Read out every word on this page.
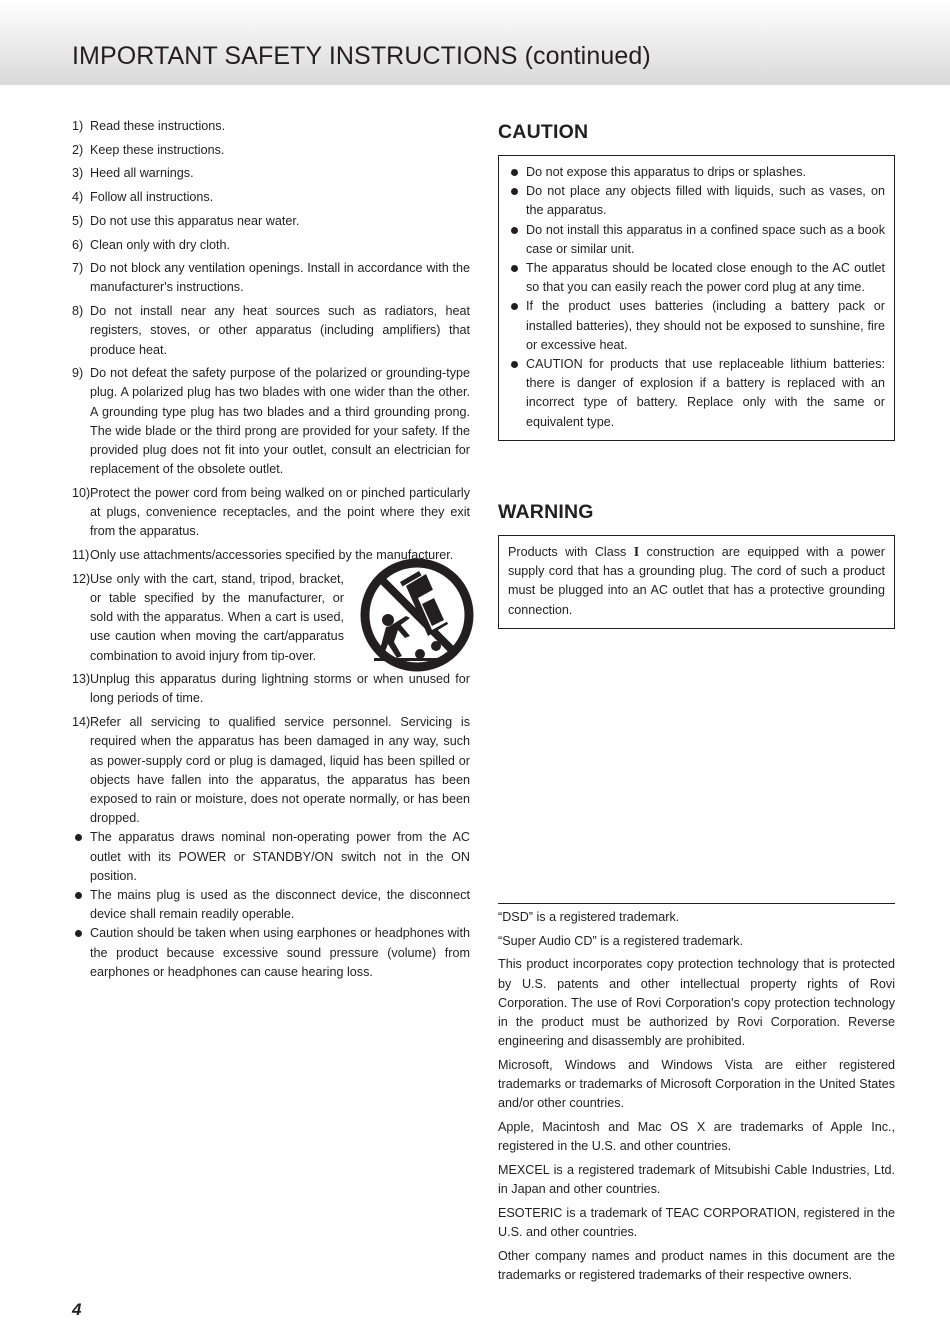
IMPORTANT SAFETY INSTRUCTIONS (continued)
1) Read these instructions.
2) Keep these instructions.
3) Heed all warnings.
4) Follow all instructions.
5) Do not use this apparatus near water.
6) Clean only with dry cloth.
7) Do not block any ventilation openings. Install in accordance with the manufacturer's instructions.
8) Do not install near any heat sources such as radiators, heat registers, stoves, or other apparatus (including amplifiers) that produce heat.
9) Do not defeat the safety purpose of the polarized or grounding-type plug. A polarized plug has two blades with one wider than the other. A grounding type plug has two blades and a third grounding prong. The wide blade or the third prong are provided for your safety. If the provided plug does not fit into your outlet, consult an electrician for replacement of the obsolete outlet.
10) Protect the power cord from being walked on or pinched particularly at plugs, convenience receptacles, and the point where they exit from the apparatus.
11) Only use attachments/accessories specified by the manufacturer.
12) Use only with the cart, stand, tripod, bracket, or table specified by the manufacturer, or sold with the apparatus. When a cart is used, use caution when moving the cart/apparatus combination to avoid injury from tip-over.
13) Unplug this apparatus during lightning storms or when unused for long periods of time.
14) Refer all servicing to qualified service personnel. Servicing is required when the apparatus has been damaged in any way, such as power-supply cord or plug is damaged, liquid has been spilled or objects have fallen into the apparatus, the apparatus has been exposed to rain or moisture, does not operate normally, or has been dropped.
The apparatus draws nominal non-operating power from the AC outlet with its POWER or STANDBY/ON switch not in the ON position.
The mains plug is used as the disconnect device, the disconnect device shall remain readily operable.
Caution should be taken when using earphones or headphones with the product because excessive sound pressure (volume) from earphones or headphones can cause hearing loss.
CAUTION
Do not expose this apparatus to drips or splashes.
Do not place any objects filled with liquids, such as vases, on the apparatus.
Do not install this apparatus in a confined space such as a book case or similar unit.
The apparatus should be located close enough to the AC outlet so that you can easily reach the power cord plug at any time.
If the product uses batteries (including a battery pack or installed batteries), they should not be exposed to sunshine, fire or excessive heat.
CAUTION for products that use replaceable lithium batteries: there is danger of explosion if a battery is replaced with an incorrect type of battery. Replace only with the same or equivalent type.
WARNING

Products with Class I construction are equipped with a power supply cord that has a grounding plug. The cord of such a product must be plugged into an AC outlet that has a protective grounding connection.

“DSD” is a registered trademark.

“Super Audio CD” is a registered trademark.

This product incorporates copy protection technology that is protected by U.S. patents and other intellectual property rights of Rovi Corporation. The use of Rovi Corporation's copy protection technology in the product must be authorized by Rovi Corporation. Reverse engineering and disassembly are prohibited.

Microsoft, Windows and Windows Vista are either registered trademarks or trademarks of Microsoft Corporation in the United States and/or other countries.

Apple, Macintosh and Mac OS X are trademarks of Apple Inc., registered in the U.S. and other countries.

MEXCEL is a registered trademark of Mitsubishi Cable Industries, Ltd. in Japan and other countries.

ESOTERIC is a trademark of TEAC CORPORATION, registered in the U.S. and other countries.

Other company names and product names in this document are the trademarks or registered trademarks of their respective owners.

4
